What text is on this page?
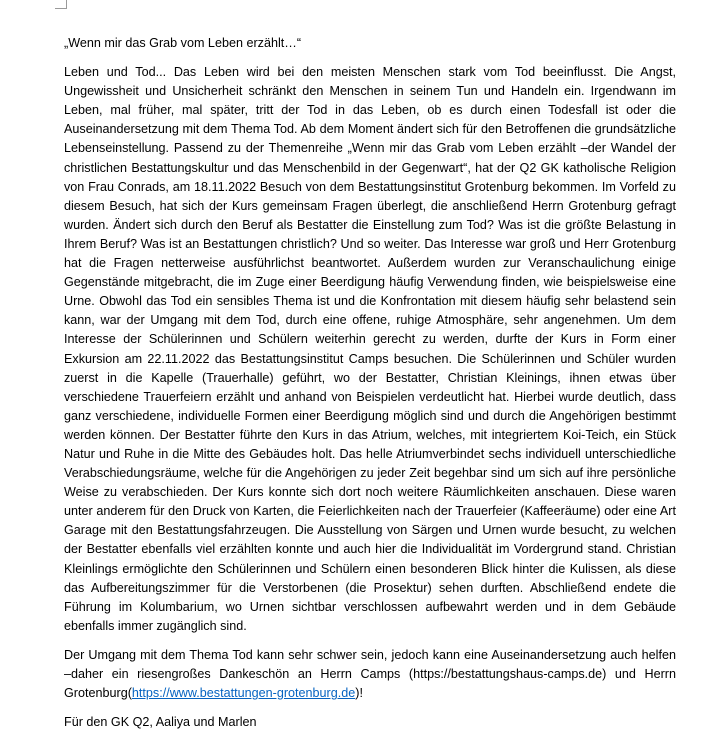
„Wenn mir das Grab vom Leben erzählt…“

Leben und Tod... Das Leben wird bei den meisten Menschen stark vom Tod beeinflusst. Die Angst, Ungewissheit und Unsicherheit schränkt den Menschen in seinem Tun und Handeln ein. Irgendwann im Leben, mal früher, mal später, tritt der Tod in das Leben, ob es durch einen Todesfall ist oder die Auseinandersetzung mit dem Thema Tod. Ab dem Moment ändert sich für den Betroffenen die grundsätzliche Lebenseinstellung. Passend zu der Themenreihe „Wenn mir das Grab vom Leben erzählt –der Wandel der christlichen Bestattungskultur und das Menschenbild in der Gegenwart“, hat der Q2 GK katholische Religion von Frau Conrads, am 18.11.2022 Besuch von dem Bestattungsinstitut Grotenburg bekommen. Im Vorfeld zu diesem Besuch, hat sich der Kurs gemeinsam Fragen überlegt, die anschließend Herrn Grotenburg gefragt wurden. Ändert sich durch den Beruf als Bestatter die Einstellung zum Tod? Was ist die größte Belastung in Ihrem Beruf? Was ist an Bestattungen christlich? Und so weiter. Das Interesse war groß und Herr Grotenburg hat die Fragen netterweise ausführlichst beantwortet. Außerdem wurden zur Veranschaulichung einige Gegenstände mitgebracht, die im Zuge einer Beerdigung häufig Verwendung finden, wie beispielsweise eine Urne. Obwohl das Tod ein sensibles Thema ist und die Konfrontation mit diesem häufig sehr belastend sein kann, war der Umgang mit dem Tod, durch eine offene, ruhige Atmosphäre, sehr angenehmen. Um dem Interesse der Schülerinnen und Schülern weiterhin gerecht zu werden, durfte der Kurs in Form einer Exkursion am 22.11.2022 das Bestattungsinstitut Camps besuchen. Die Schülerinnen und Schüler wurden zuerst in die Kapelle (Trauerhalle) geführt, wo der Bestatter, Christian Kleinings, ihnen etwas über verschiedene Trauerfeiern erzählt und anhand von Beispielen verdeutlicht hat. Hierbei wurde deutlich, dass ganz verschiedene, individuelle Formen einer Beerdigung möglich sind und durch die Angehörigen bestimmt werden können. Der Bestatter führte den Kurs in das Atrium, welches, mit integriertem Koi-Teich, ein Stück Natur und Ruhe in die Mitte des Gebäudes holt. Das helle Atriumverbindet sechs individuell unterschiedliche Verabschiedungsräume, welche für die Angehörigen zu jeder Zeit begehbar sind um sich auf ihre persönliche Weise zu verabschieden. Der Kurs konnte sich dort noch weitere Räumlichkeiten anschauen. Diese waren unter anderem für den Druck von Karten, die Feierlichkeiten nach der Trauerfeier (Kaffeeräume) oder eine Art Garage mit den Bestattungsfahrzeugen. Die Ausstellung von Särgen und Urnen wurde besucht, zu welchen der Bestatter ebenfalls viel erzählten konnte und auch hier die Individualität im Vordergrund stand. Christian Kleinlings ermöglichte den Schülerinnen und Schülern einen besonderen Blick hinter die Kulissen, als diese das Aufbereitungszimmer für die Verstorbenen (die Prosektur) sehen durften. Abschließend endete die Führung im Kolumbarium, wo Urnen sichtbar verschlossen aufbewahrt werden und in dem Gebäude ebenfalls immer zugänglich sind.

Der Umgang mit dem Thema Tod kann sehr schwer sein, jedoch kann eine Auseinandersetzung auch helfen –daher ein riesengroßes Dankeschön an Herrn Camps (https://bestattungshaus-camps.de) und Herrn Grotenburg(https://www.bestattungen-grotenburg.de)!

Für den GK Q2, Aaliya und Marlen
